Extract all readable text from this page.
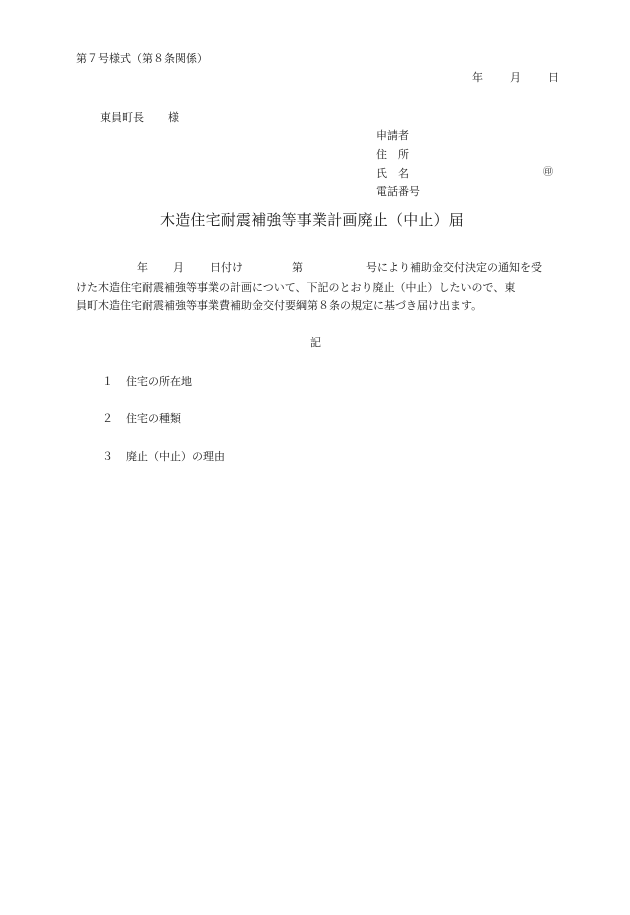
第７号様式（第８条関係）
年 月 日
東員町長 様
申請者
住　所
氏　名	㊞
電話番号
木造住宅耐震補強等事業計画廃止（中止）届
年 月 日付け	第	号により補助金交付決定の通知を受
けた木造住宅耐震補強等事業の計画について、下記のとおり廃止（中止）したいので、東
員町木造住宅耐震補強等事業費補助金交付要綱第８条の規定に基づき届け出ます。
記
１ 住宅の所在地
２ 住宅の種類
３ 廃止（中止）の理由
